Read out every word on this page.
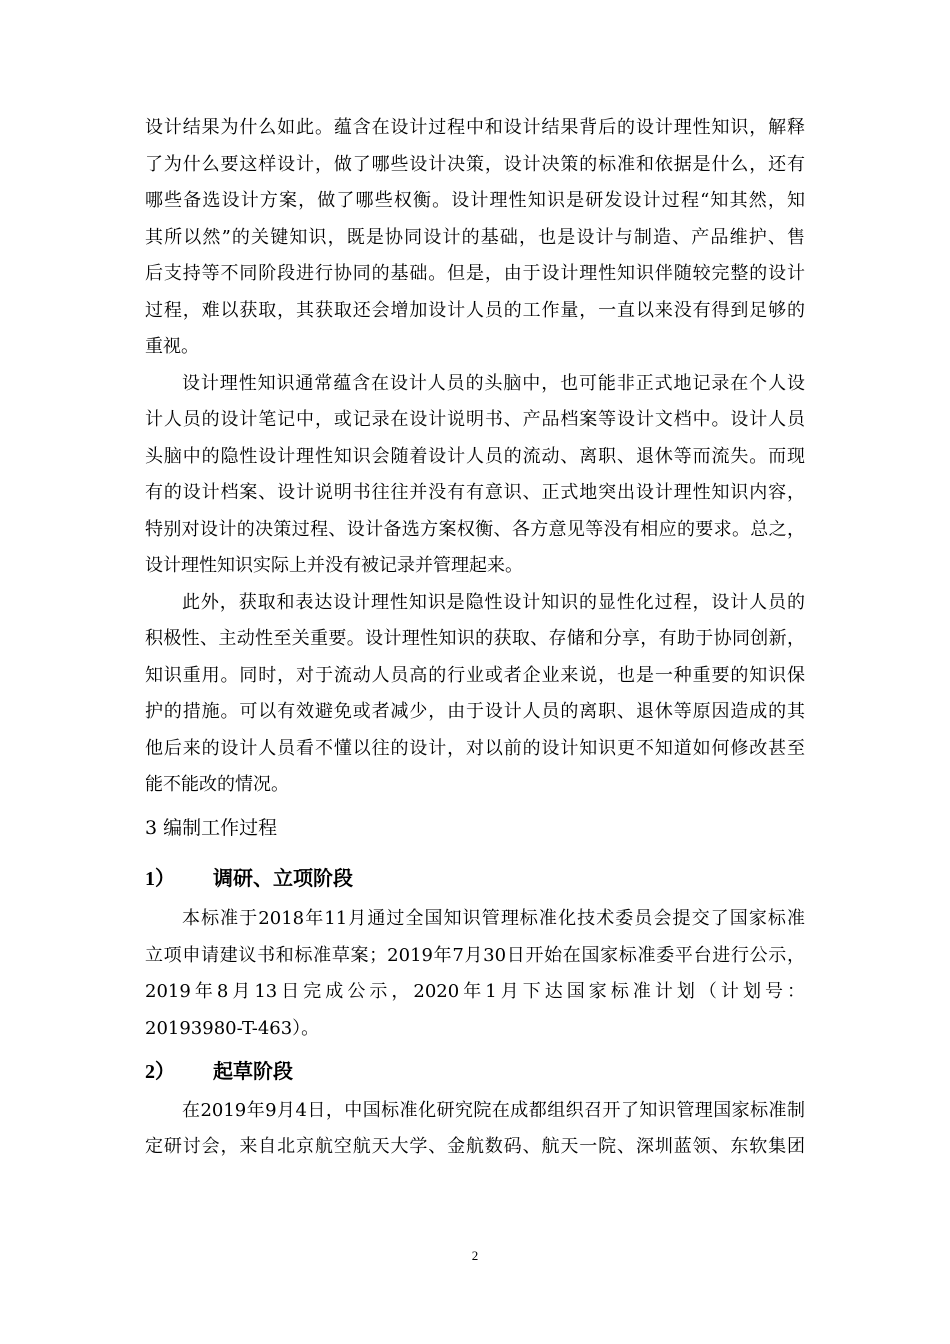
设计结果为什么如此。蕴含在设计过程中和设计结果背后的设计理性知识，解释
了为什么要这样设计，做了哪些设计决策，设计决策的标准和依据是什么，还有
哪些备选设计方案，做了哪些权衡。设计理性知识是研发设计过程“知其然，知
其所以然”的关键知识，既是协同设计的基础，也是设计与制造、产品维护、售
后支持等不同阶段进行协同的基础。但是，由于设计理性知识伴随较完整的设计
过程，难以获取，其获取还会增加设计人员的工作量，一直以来没有得到足够的
重视。
设计理性知识通常蕴含在设计人员的头脑中，也可能非正式地记录在个人设
计人员的设计笔记中，或记录在设计说明书、产品档案等设计文档中。设计人员
头脑中的隐性设计理性知识会随着设计人员的流动、离职、退休等而流失。而现
有的设计档案、设计说明书往往并没有有意识、正式地突出设计理性知识内容，
特别对设计的决策过程、设计备选方案权衡、各方意见等没有相应的要求。总之，
设计理性知识实际上并没有被记录并管理起来。
此外，获取和表达设计理性知识是隐性设计知识的显性化过程，设计人员的
积极性、主动性至关重要。设计理性知识的获取、存储和分享，有助于协同创新，
知识重用。同时，对于流动人员高的行业或者企业来说，也是一种重要的知识保
护的措施。可以有效避免或者减少，由于设计人员的离职、退休等原因造成的其
他后来的设计人员看不懂以往的设计，对以前的设计知识更不知道如何修改甚至
能不能改的情况。
3 编制工作过程
1） 调研、立项阶段
本标准于2018年11月通过全国知识管理标准化技术委员会提交了国家标准
立项申请建议书和标准草案；2019年7月30日开始在国家标准委平台进行公示，
2019年8月13日完成公示，2020年1月下达国家标准计划（计划号：
20193980-T-463）。
2） 起草阶段
在2019年9月4日，中国标准化研究院在成都组织召开了知识管理国家标准制
定研讨会，来自北京航空航天大学、金航数码、航天一院、深圳蓝领、东软集团
2
